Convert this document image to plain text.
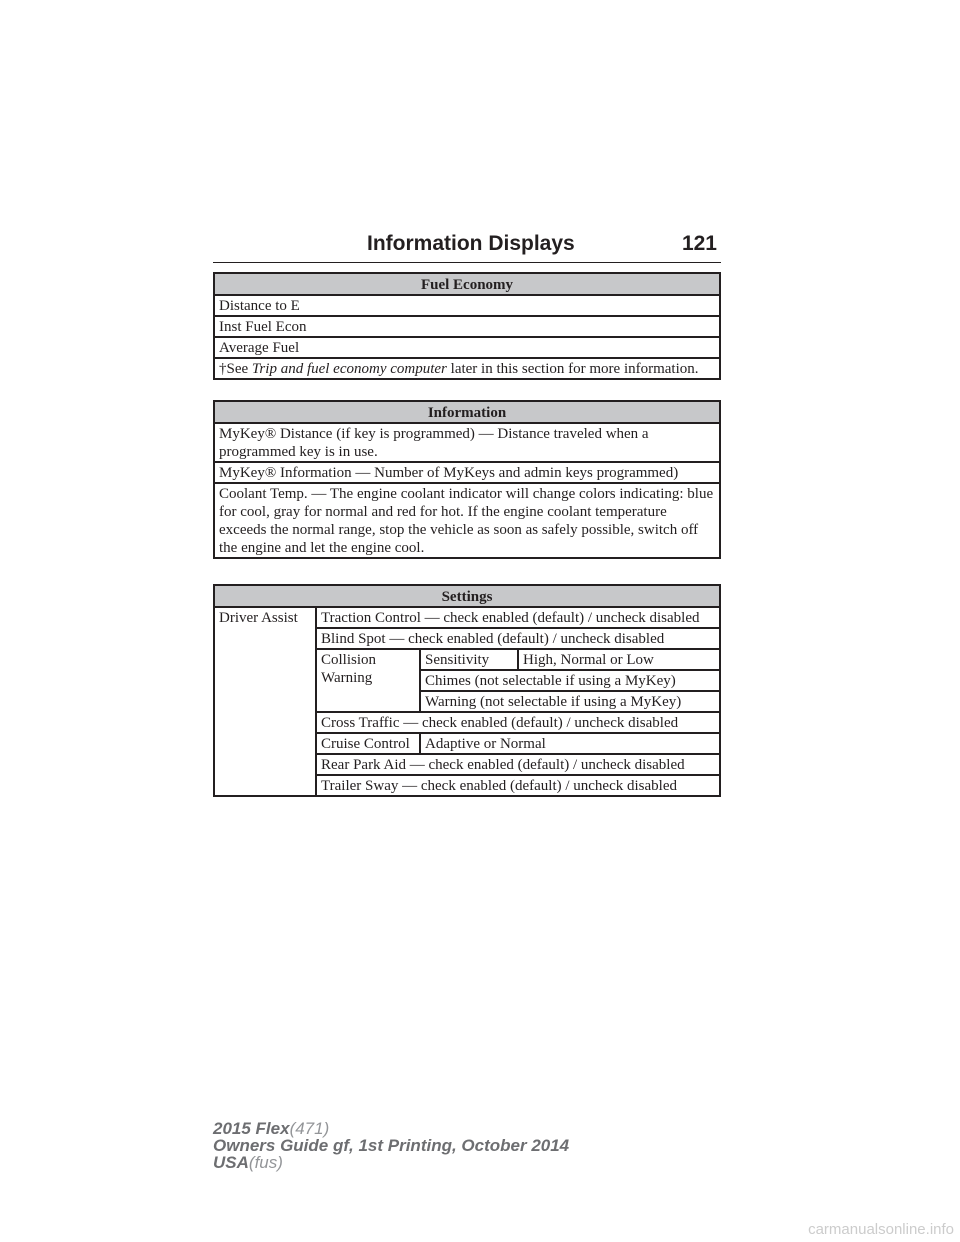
Information Displays	121
Fuel Economy
Distance to E
Inst Fuel Econ
Average Fuel
†See Trip and fuel economy computer later in this section for more information.
Information
MyKey® Distance (if key is programmed) — Distance traveled when a programmed key is in use.
MyKey® Information — Number of MyKeys and admin keys programmed)
Coolant Temp. — The engine coolant indicator will change colors indicating: blue for cool, gray for normal and red for hot. If the engine coolant temperature exceeds the normal range, stop the vehicle as soon as safely possible, switch off the engine and let the engine cool.
Settings			
Driver Assist	Traction Control — check enabled (default) / uncheck disabled		
	Blind Spot — check enabled (default) / uncheck disabled		
	Collision Warning	Sensitivity	High, Normal or Low
		Chimes (not selectable if using a MyKey)	
		Warning (not selectable if using a MyKey)	
	Cross Traffic — check enabled (default) / uncheck disabled		
	Cruise Control	Adaptive or Normal	
	Rear Park Aid — check enabled (default) / uncheck disabled		
	Trailer Sway — check enabled (default) / uncheck disabled		
2015 Flex(471)
Owners Guide gf, 1st Printing, October 2014
USA(fus)
carmanualsonline.info
